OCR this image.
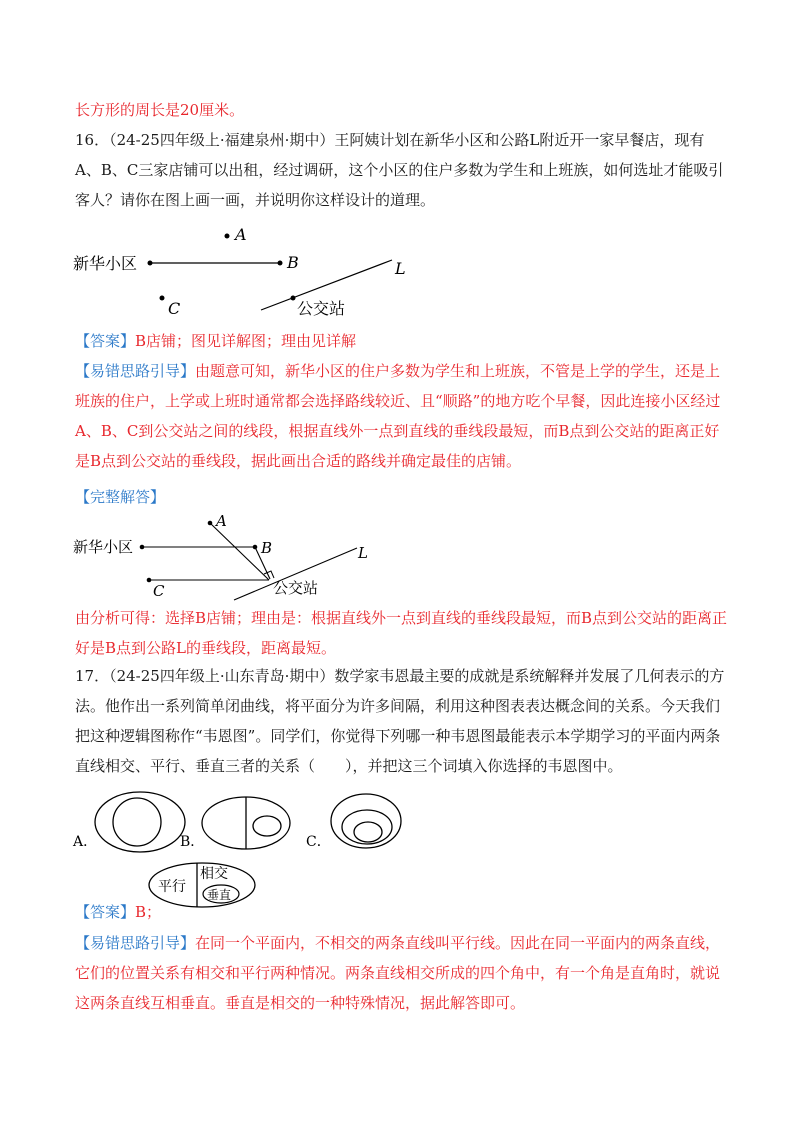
长方形的周长是20厘米。

16．（24-25四年级上·福建泉州·期中）王阿姨计划在新华小区和公路L附近开一家早餐店，现有A、B、C三家店铺可以出租，经过调研，这个小区的住户多数为学生和上班族，如何选址才能吸引客人？请你在图上画一画，并说明你这样设计的道理。

A
新华小区	B	L
C	公交站

【答案】B店铺；图见详解图；理由见详解

【易错思路引导】由题意可知，新华小区的住户多数为学生和上班族，不管是上学的学生，还是上班族的住户，上学或上班时通常都会选择路线较近、且“顺路”的地方吃个早餐，因此连接小区经过A、B、C到公交站之间的线段，根据直线外一点到直线的垂线段最短，而B点到公交站的距离正好是B点到公交站的垂线段，据此画出合适的路线并确定最佳的店铺。

【完整解答】

新华小区	B
A
L
C	公交站

由分析可得：选择B店铺；理由是：根据直线外一点到直线的垂线段最短，而B点到公交站的距离正好是B点到公路L的垂线段，距离最短。

17．（24-25四年级上·山东青岛·期中）数学家韦恩最主要的成就是系统解释并发展了几何表示的方法。他作出一系列简单闭曲线，将平面分为许多间隔，利用这种图表表达概念间的关系。今天我们把这种逻辑图称作“韦恩图”。同学们，你觉得下列哪一种韦恩图最能表示本学期学习的平面内两条直线相交、平行、垂直三者的关系（　　），并把这三个词填入你选择的韦恩图中。

A．	B．	C．
平行
相交
垂直

【答案】B；

【易错思路引导】在同一个平面内，不相交的两条直线叫平行线。因此在同一平面内的两条直线，它们的位置关系有相交和平行两种情况。两条直线相交所成的四个角中，有一个角是直角时，就说这两条直线互相垂直。垂直是相交的一种特殊情况，据此解答即可。
